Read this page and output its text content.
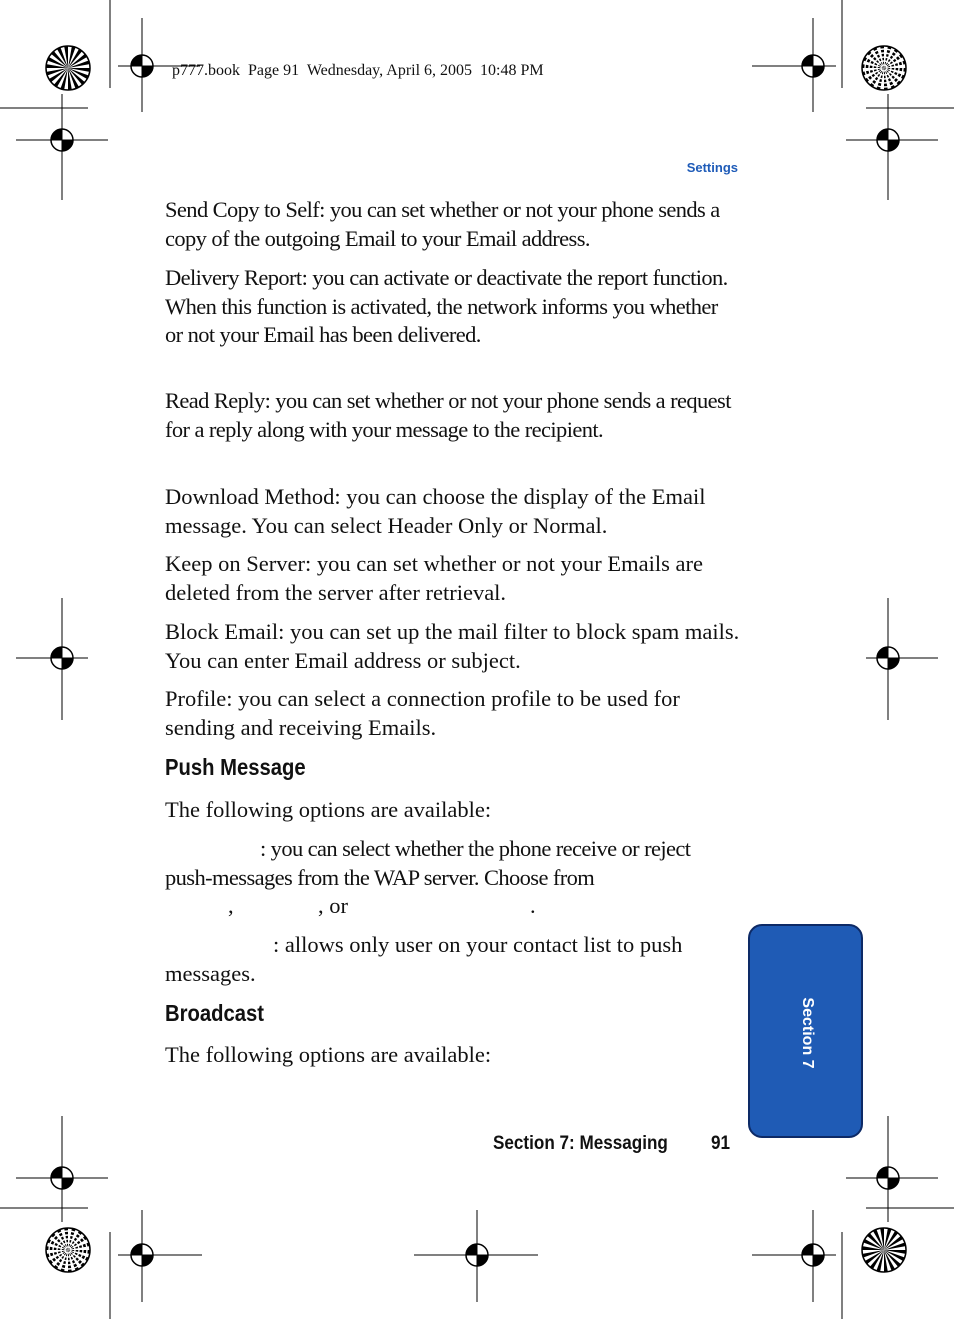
p777.book Page 91 Wednesday, April 6, 2005 10:48 PM
Settings

Send Copy to Self: you can set whether or not your phone sends a copy of the outgoing Email to your Email address.

Delivery Report: you can activate or deactivate the report function. When this function is activated, the network informs you whether or not your Email has been delivered.

Read Reply: you can set whether or not your phone sends a request for a reply along with your message to the recipient.

Download Method: you can choose the display of the Email message. You can select Header Only or Normal.

Keep on Server: you can set whether or not your Emails are deleted from the server after retrieval.

Block Email: you can set up the mail filter to block spam mails. You can enter Email address or subject.

Profile: you can select a connection profile to be used for sending and receiving Emails.

Push Message

The following options are available:

: you can select whether the phone receive or reject push-messages from the WAP server. Choose from

,	, or	.

: allows only user on your contact list to push messages.

Broadcast

The following options are available:	Section 7
Section 7: Messaging 91
